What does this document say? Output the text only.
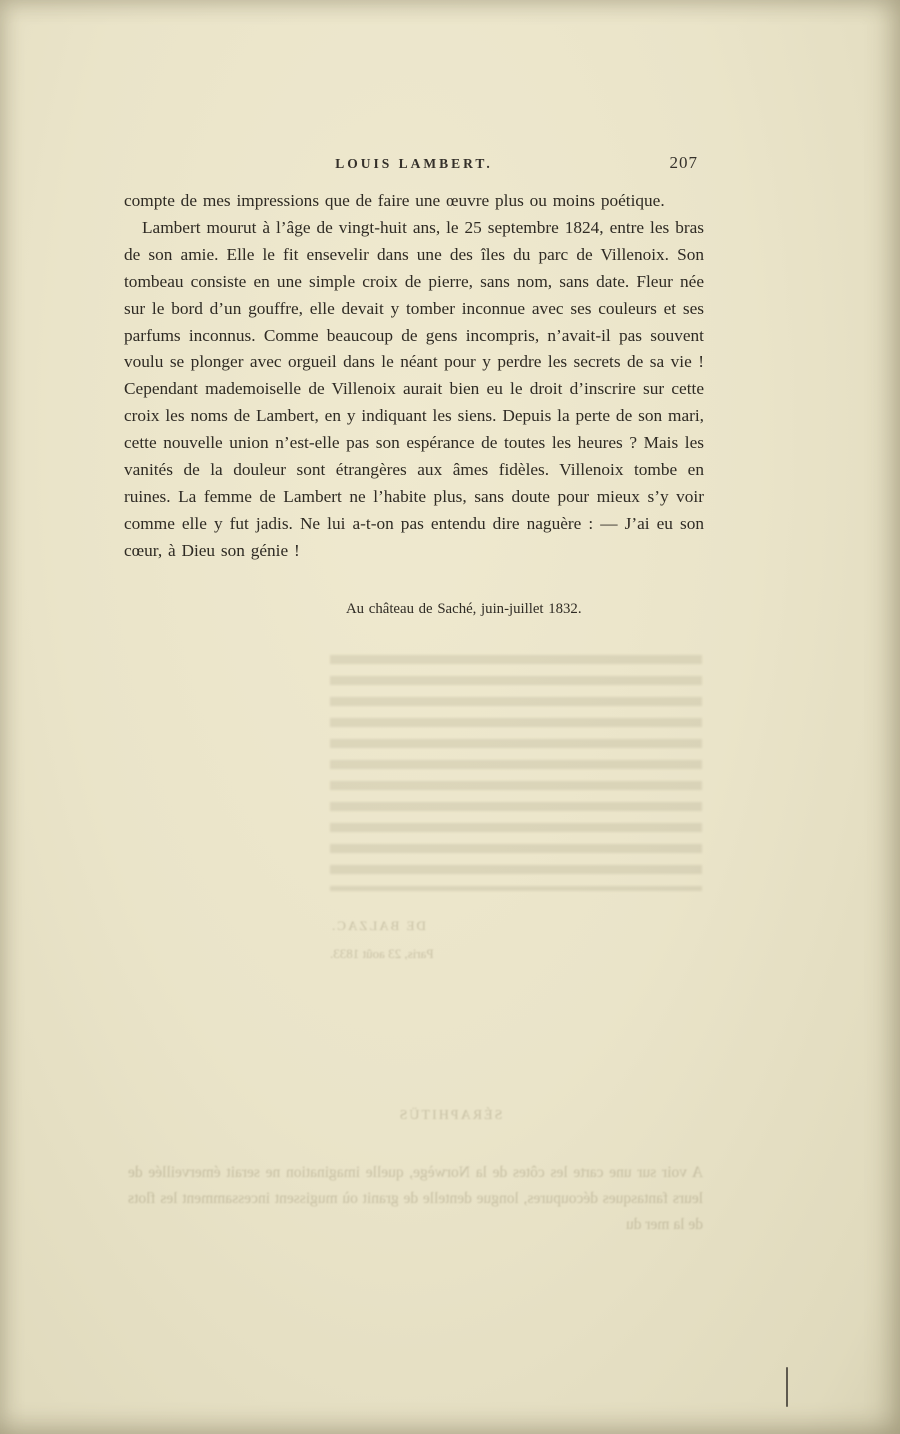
DE BALZAC.
Paris, 23 août 1833.
SÉRAPHITÜS
A voir sur une carte les côtes de la Norwège, quelle imagination ne serait émerveillée de leurs fantasques découpures, longue dentelle de granit où mugissent incessamment les flots de la mer du
LOUIS LAMBERT.	207

compte de mes impressions que de faire une œuvre plus ou moins poétique.

Lambert mourut à l’âge de vingt-huit ans, le 25 septembre 1824, entre les bras de son amie. Elle le fit ensevelir dans une des îles du parc de Villenoix. Son tombeau consiste en une simple croix de pierre, sans nom, sans date. Fleur née sur le bord d’un gouffre, elle devait y tomber inconnue avec ses couleurs et ses parfums inconnus. Comme beaucoup de gens incompris, n’avait-il pas souvent voulu se plonger avec orgueil dans le néant pour y perdre les secrets de sa vie ! Cependant mademoiselle de Villenoix aurait bien eu le droit d’inscrire sur cette croix les noms de Lambert, en y indiquant les siens. Depuis la perte de son mari, cette nouvelle union n’est-elle pas son espérance de toutes les heures ? Mais les vanités de la douleur sont étrangères aux âmes fidèles. Villenoix tombe en ruines. La femme de Lambert ne l’habite plus, sans doute pour mieux s’y voir comme elle y fut jadis. Ne lui a-t-on pas entendu dire naguère : — J’ai eu son cœur, à Dieu son génie !

Au château de Saché, juin-juillet 1832.
